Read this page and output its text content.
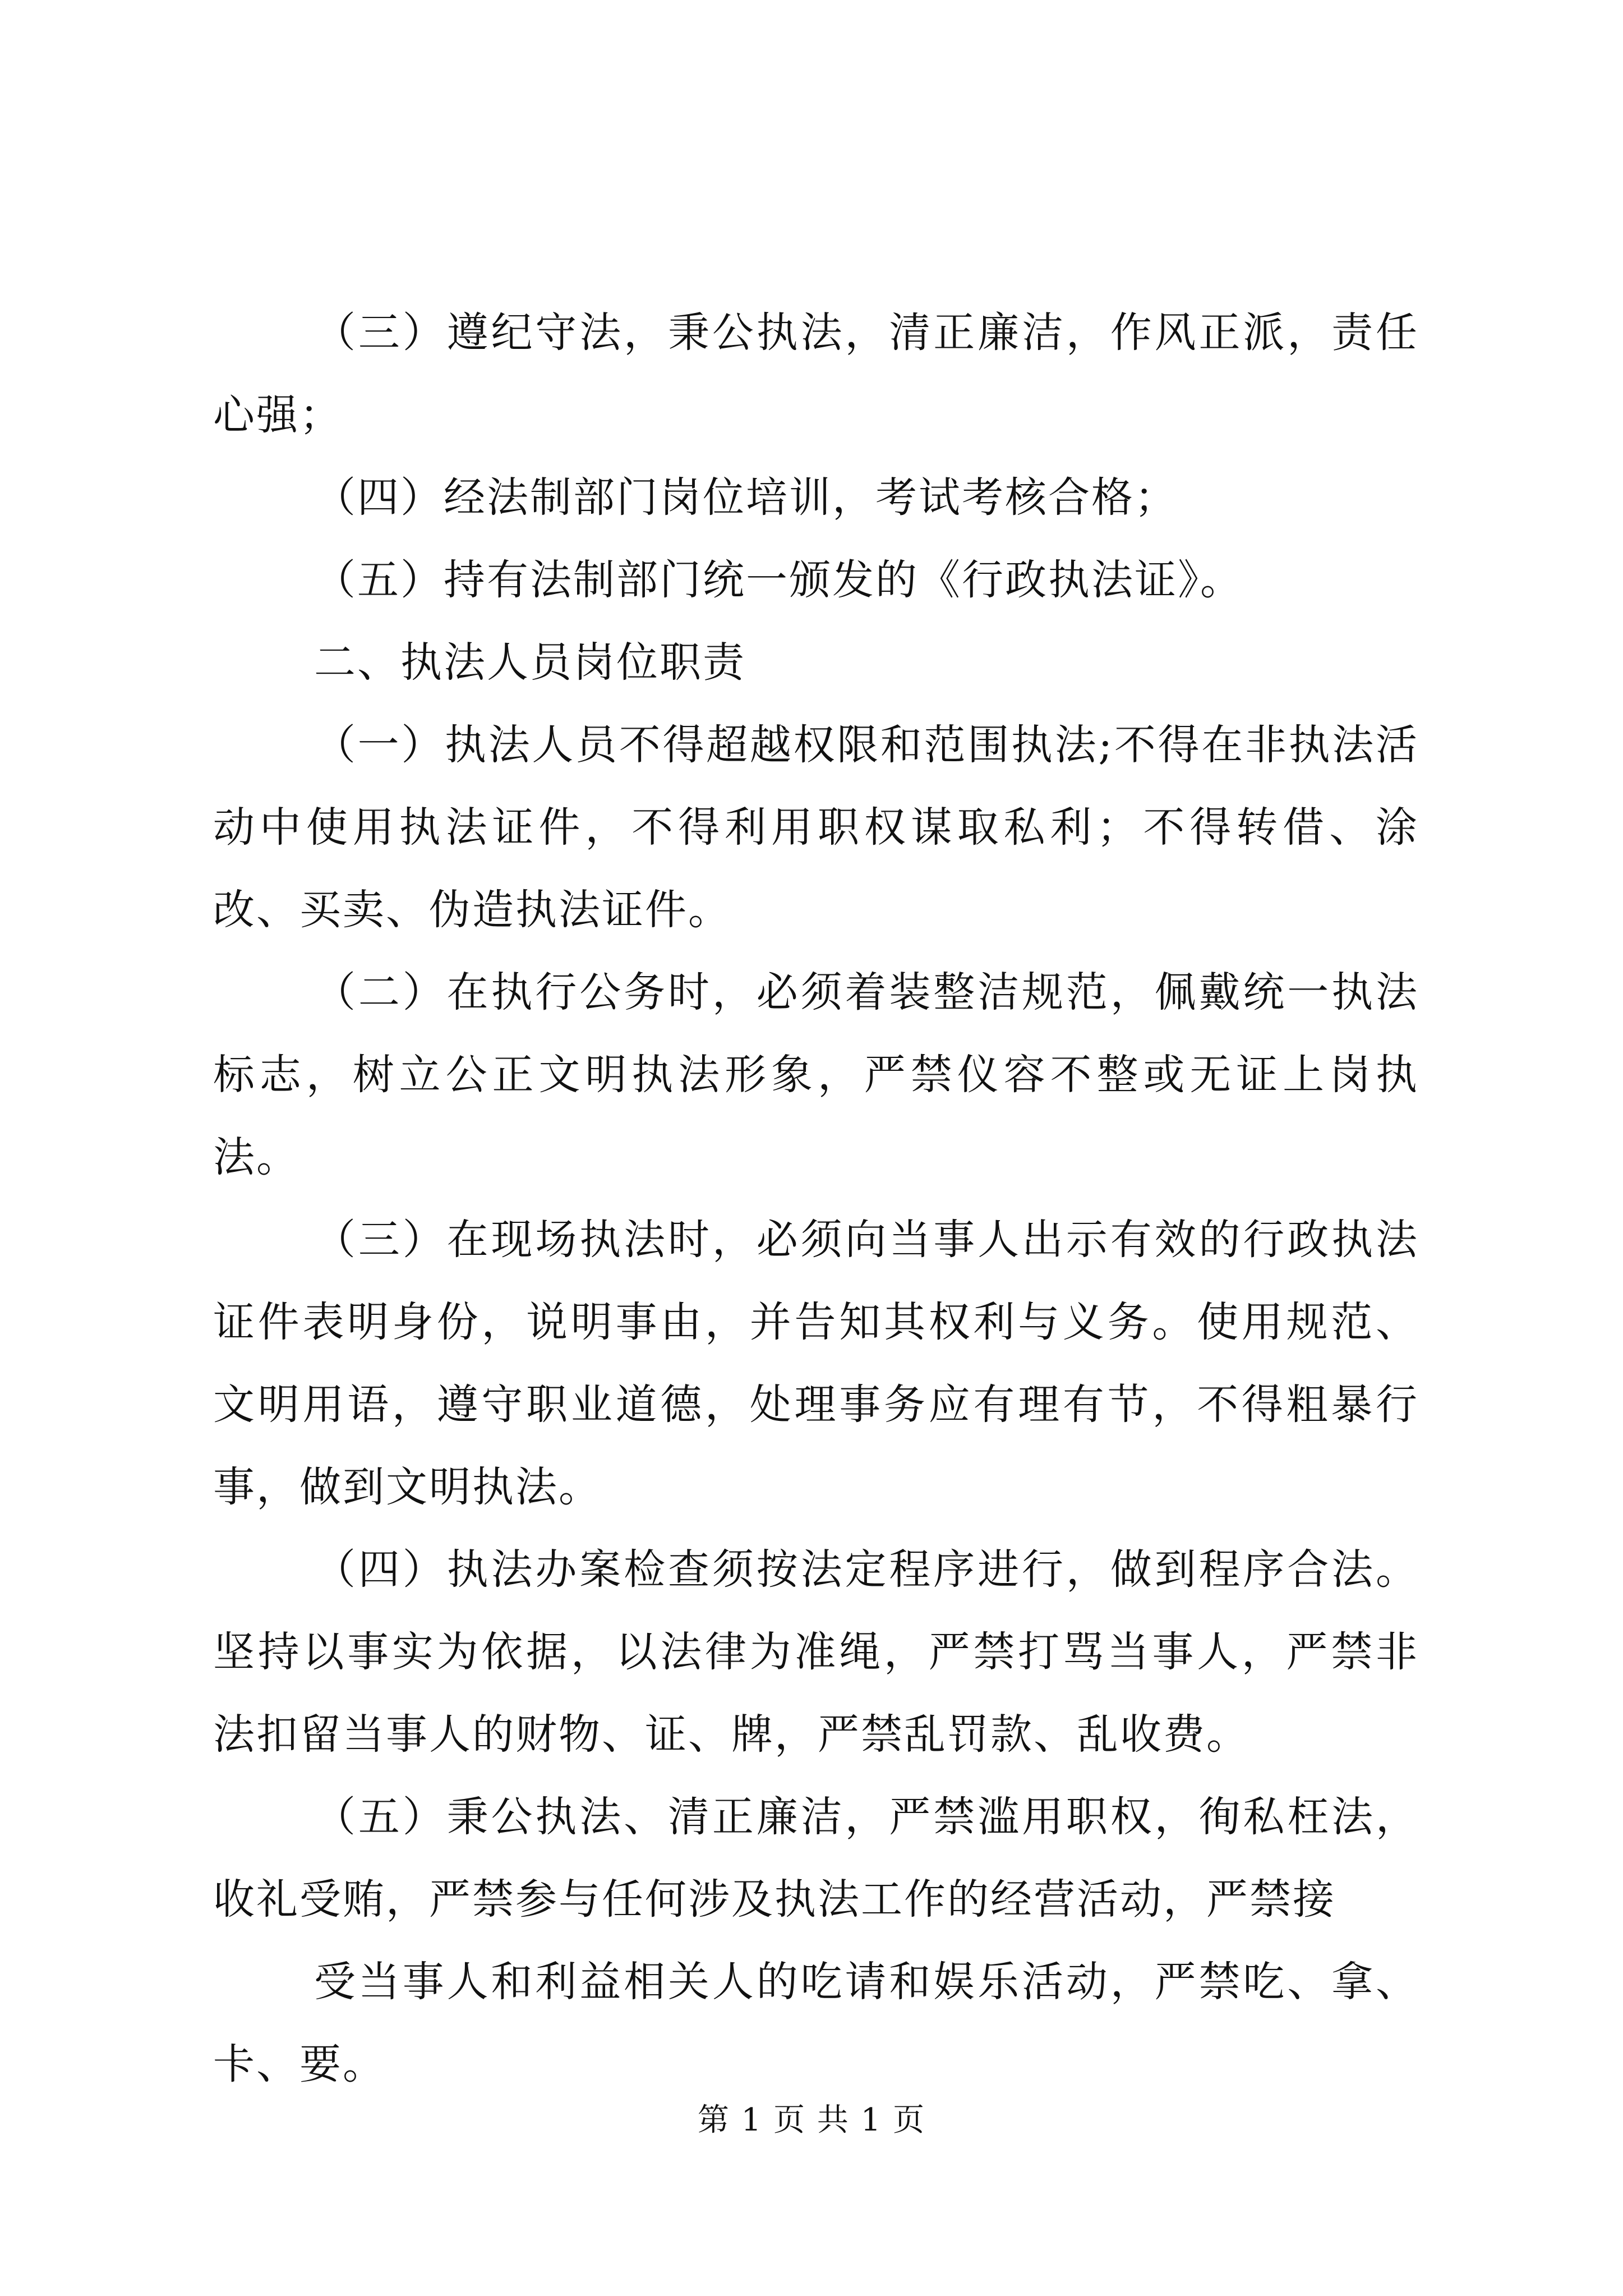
（三）遵纪守法，秉公执法，清正廉洁，作风正派，责任心强；

（四）经法制部门岗位培训，考试考核合格；

（五）持有法制部门统一颁发的《行政执法证》。

二、执法人员岗位职责

（一）执法人员不得超越权限和范围执法;不得在非执法活动中使用执法证件，不得利用职权谋取私利；不得转借、涂改、买卖、伪造执法证件。

（二）在执行公务时，必须着装整洁规范，佩戴统一执法标志，树立公正文明执法形象，严禁仪容不整或无证上岗执法。

（三）在现场执法时，必须向当事人出示有效的行政执法证件表明身份，说明事由，并告知其权利与义务。使用规范、文明用语，遵守职业道德，处理事务应有理有节，不得粗暴行事，做到文明执法。

（四）执法办案检查须按法定程序进行，做到程序合法。坚持以事实为依据，以法律为准绳，严禁打骂当事人，严禁非法扣留当事人的财物、证、牌，严禁乱罚款、乱收费。

（五）秉公执法、清正廉洁，严禁滥用职权，徇私枉法，收礼受贿，严禁参与任何涉及执法工作的经营活动，严禁接

受当事人和利益相关人的吃请和娱乐活动，严禁吃、拿、卡、要。

第 1 页 共 1 页
